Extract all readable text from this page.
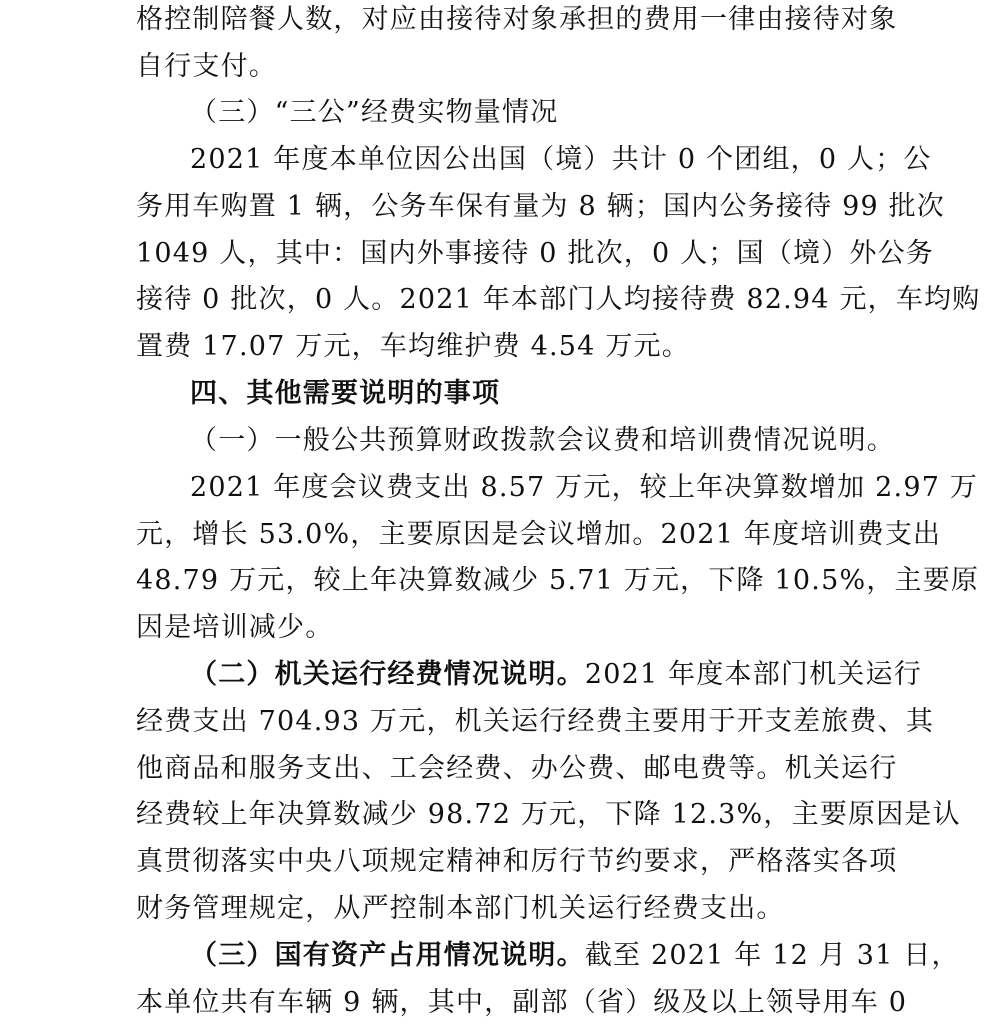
格控制陪餐人数，对应由接待对象承担的费用一律由接待对象
自行支付。
（三）“三公”经费实物量情况
2021 年度本单位因公出国（境）共计 0 个团组，0 人；公
务用车购置 1 辆，公务车保有量为 8 辆；国内公务接待 99 批次
1049 人，其中：国内外事接待 0 批次，0 人；国（境）外公务
接待 0 批次，0 人。2021 年本部门人均接待费 82.94 元，车均购
置费 17.07 万元，车均维护费 4.54 万元。
四、其他需要说明的事项
（一）一般公共预算财政拨款会议费和培训费情况说明。
2021 年度会议费支出 8.57 万元，较上年决算数增加 2.97 万
元，增长 53.0%，主要原因是会议增加。2021 年度培训费支出
48.79 万元，较上年决算数减少 5.71 万元，下降 10.5%，主要原
因是培训减少。
（二）机关运行经费情况说明。 2021 年度本部门机关运行
经费支出 704.93 万元，机关运行经费主要用于开支差旅费、其
他商品和服务支出、工会经费、办公费、邮电费等。机关运行
经费较上年决算数减少 98.72 万元，下降 12.3%，主要原因是认
真贯彻落实中央八项规定精神和厉行节约要求，严格落实各项
财务管理规定，从严控制本部门机关运行经费支出。
（三）国有资产占用情况说明。 截至 2021 年 12 月 31 日，
本单位共有车辆 9 辆，其中，副部（省）级及以上领导用车 0
